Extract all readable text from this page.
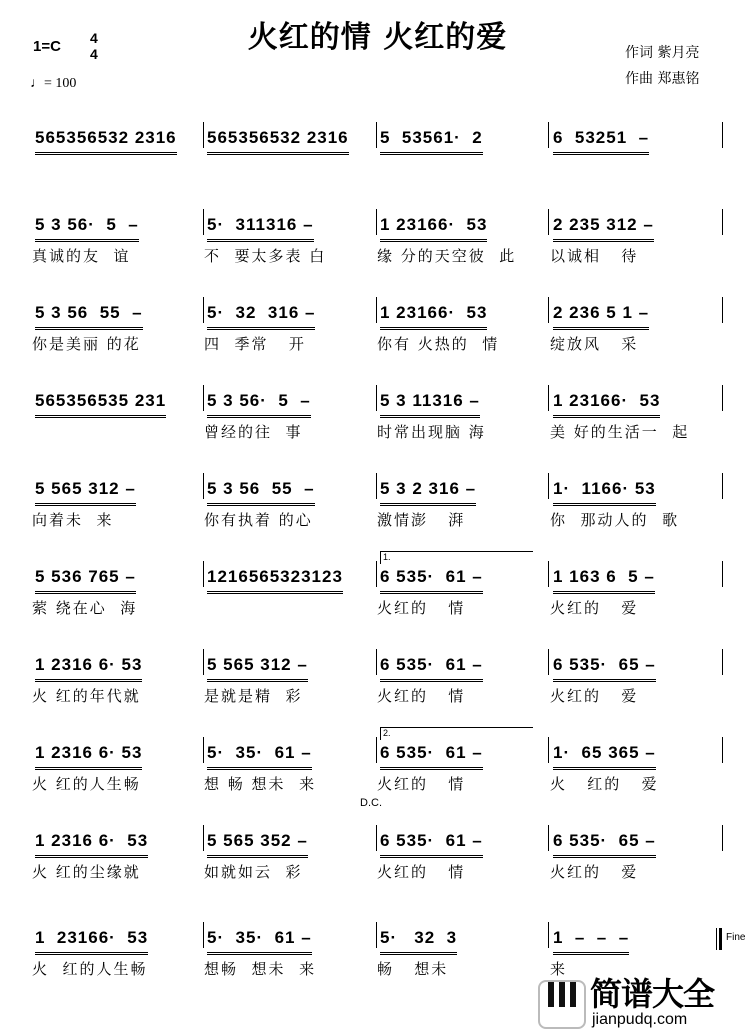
火红的情 火红的爱
1=C 4
4
♩= 100
作词 紫月亮
作曲 郑惠铭
565356532 2316 565356532 2316 5  53561·  2	6  53251  –
5 3 56·  5  –
真诚的友  谊
5·  311316 –
不  要太多表 白
1 23166·  53
缘 分的天空彼  此
2 235 312 –
以诚相   待
5 3 56  55  –
你是美丽 的花
5·  32  316 –
四  季常   开
1 23166·  53
你有 火热的  情
2 236 5 1 –
绽放风   采
565356535 231 5 3 56·  5  –
曾经的往  事
5 3 11316 –
时常出现脑 海
1 23166·  53
美 好的生活一  起
5 565 312 –
向着未  来
5 3 56  55  –
你有执着 的心
5 3 2 316 –
激情澎   湃
1·  1166· 53
你  那动人的  歌
5 536 765 –
萦 绕在心  海
1216565323123 6 535·  61 –
火红的   情
1.
1 163 6  5 –
火红的   爱
1 2316 6· 53
火 红的年代就
5 565 312 –
是就是精  彩
6 535·  61 –
火红的   情
6 535·  65 –
火红的   爱
1 2316 6· 53
火 红的人生畅
5·  35·  61 –
想 畅 想未  来
6 535·  61 –
火红的   情
2.
1·  65 365 –
火   红的   爱
1 2316 6·  53
火 红的尘缘就
5 565 352 –
如就如云  彩
6 535·  61 –
火红的   情
6 535·  65 –
火红的   爱
1  23166·  53
火  红的人生畅
5·  35·  61 –
想畅  想未  来
5·   32  3
畅   想未
1  –  –  –
来
D.C.
Fine
简谱大全
jianpudq.com
